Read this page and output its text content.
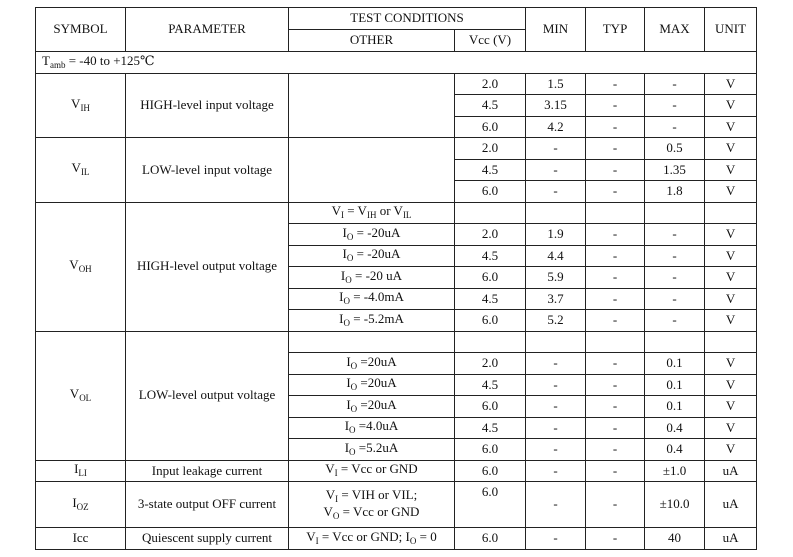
SYMBOL	PARAMETER	TEST CONDITIONS		MIN	TYP	MAX	UNIT
		OTHER	Vcc (V)				
$T_{amb} = -40$ to +125℃							
$V_{IH}$	HIGH-level input voltage		2.0	1.5	-	-	V
			4.5	3.15	-	-	V
			6.0	4.2	-	-	V
$V_{IL}$	LOW-level input voltage		2.0	-	-	0.5	V
			4.5	-	-	1.35	V
			6.0	-	-	1.8	V
$V_{OH}$	HIGH-level output voltage	$V_I = V_{IH}$ or $V_{IL}$					
		$I_O = -20uA$	2.0	1.9	-	-	V
		$I_O = -20uA$	4.5	4.4	-	-	V
		$I_O = -20$ uA	6.0	5.9	-	-	V
		$I_O = -4.0mA$	4.5	3.7	-	-	V
		$I_O = -5.2mA$	6.0	5.2	-	-	V
$V_{OL}$	LOW-level output voltage						
		$I_O =20uA$	2.0	-	-	0.1	V
		$I_O =20uA$	4.5	-	-	0.1	V
		$I_O =20uA$	6.0	-	-	0.1	V
		$I_O =4.0uA$	4.5	-	-	0.4	V
		$I_O =5.2uA$	6.0	-	-	0.4	V
$I_{LI}$	Input leakage current	$V_I$ = Vcc or GND	6.0	-	-	±1.0	uA
$I_{OZ}$	3-state output OFF current	$V_I$ = VIH or VIL;
$V_O$ = Vcc or GND	6.0	-	-	±10.0	uA
Icc	Quiescent supply current	$V_I$ = Vcc or GND; $I_O = 0$	6.0	-	-	40	uA
